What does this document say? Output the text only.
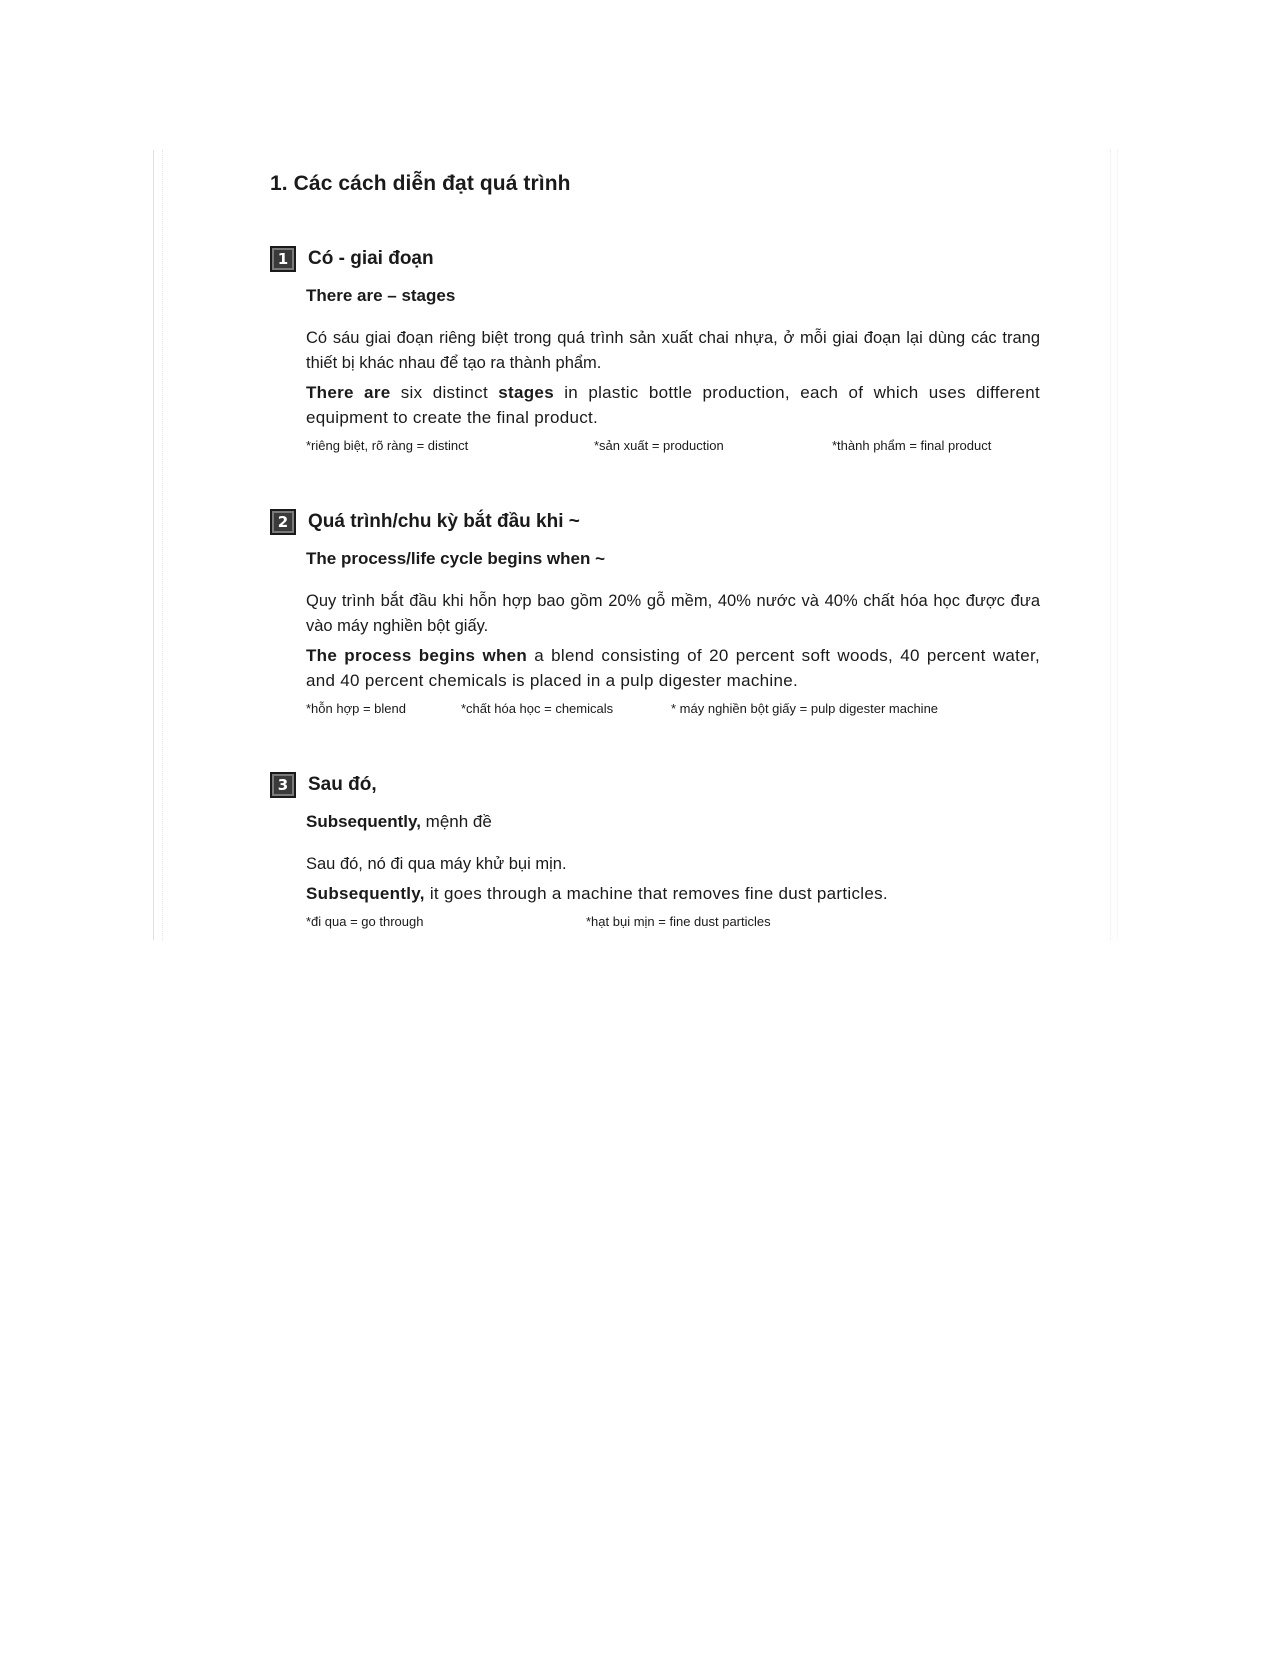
1. Các cách diễn đạt quá trình
1	Có - giai đoạn
There are – stages
Có sáu giai đoạn riêng biệt trong quá trình sản xuất chai nhựa, ở mỗi giai đoạn lại dùng các trang thiết bị khác nhau để tạo ra thành phẩm.
There are six distinct stages in plastic bottle production, each of which uses different equipment to create the final product.
*riêng biệt, rõ ràng = distinct	*sản xuất = production	*thành phẩm = final product
2	Quá trình/chu kỳ bắt đầu khi ~
The process/life cycle begins when ~
Quy trình bắt đầu khi hỗn hợp bao gồm 20% gỗ mềm, 40% nước và 40% chất hóa học được đưa vào máy nghiền bột giấy.
The process begins when a blend consisting of 20 percent soft woods, 40 percent water, and 40 percent chemicals is placed in a pulp digester machine.
*hỗn hợp = blend	*chất hóa học = chemicals	* máy nghiền bột giấy = pulp digester machine
3	Sau đó,
Subsequently, mệnh đề
Sau đó, nó đi qua máy khử bụi mịn.
Subsequently, it goes through a machine that removes fine dust particles.
*đi qua = go through	*hạt bụi mịn = fine dust particles
